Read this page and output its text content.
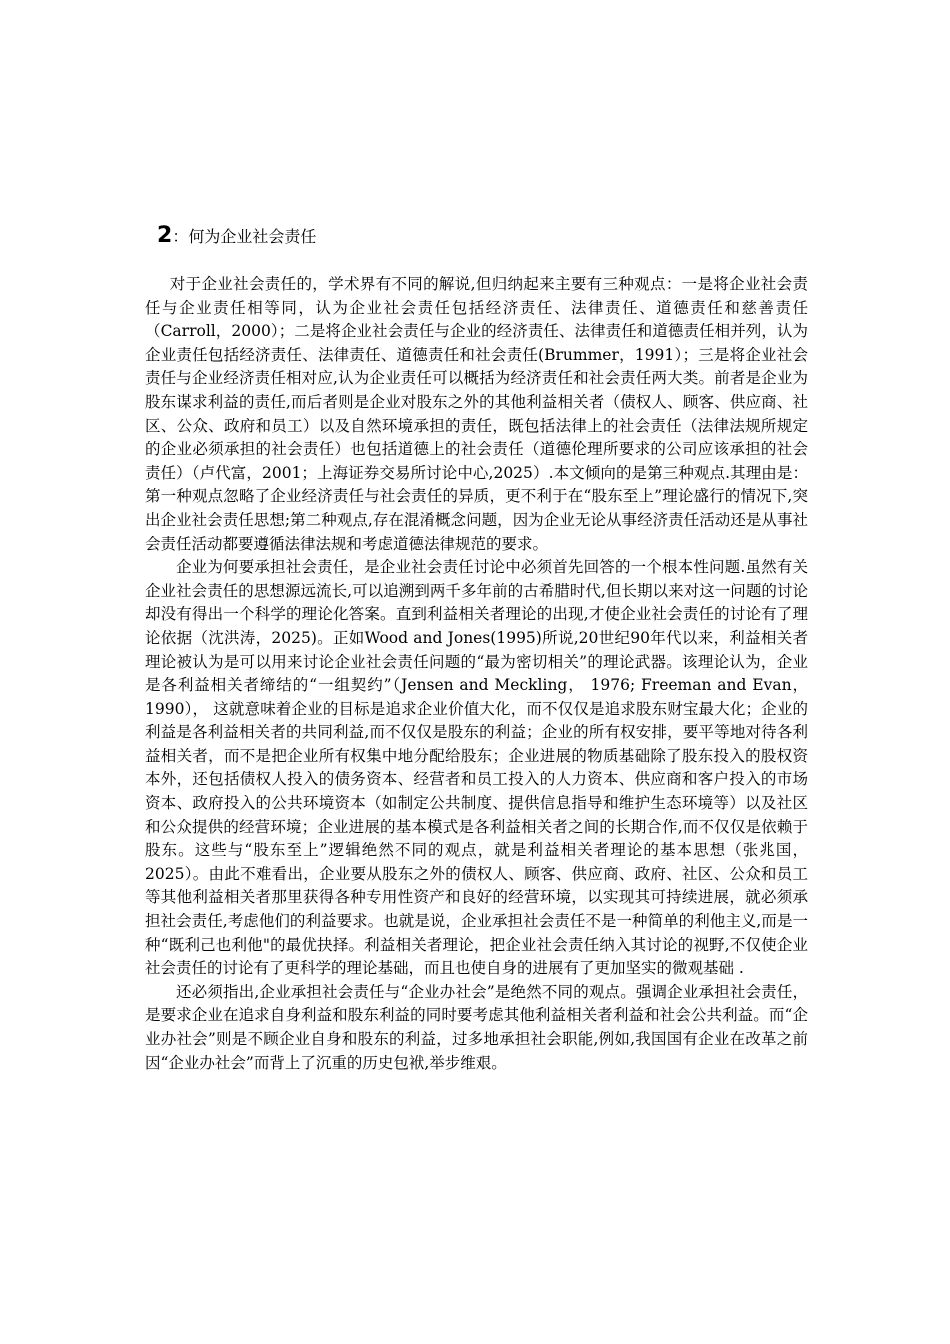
2：何为企业社会责任

对于企业社会责任的，学术界有不同的解说,但归纳起来主要有三种观点：一是将企业社会责任与企业责任相等同，认为企业社会责任包括经济责任、法律责任、道德责任和慈善责任（Carroll，2000）；二是将企业社会责任与企业的经济责任、法律责任和道德责任相并列，认为企业责任包括经济责任、法律责任、道德责任和社会责任(Brummer，1991）；三是将企业社会责任与企业经济责任相对应,认为企业责任可以概括为经济责任和社会责任两大类。前者是企业为股东谋求利益的责任,而后者则是企业对股东之外的其他利益相关者（债权人、顾客、供应商、社区、公众、政府和员工）以及自然环境承担的责任，既包括法律上的社会责任（法律法规所规定的企业必须承担的社会责任）也包括道德上的社会责任（道德伦理所要求的公司应该承担的社会责任）（卢代富，2001；上海证券交易所讨论中心,2025）.本文倾向的是第三种观点.其理由是：第一种观点忽略了企业经济责任与社会责任的异质，更不利于在“股东至上”理论盛行的情况下,突出企业社会责任思想;第二种观点,存在混淆概念问题，因为企业无论从事经济责任活动还是从事社会责任活动都要遵循法律法规和考虑道德法律规范的要求。

企业为何要承担社会责任，是企业社会责任讨论中必须首先回答的一个根本性问题.虽然有关企业社会责任的思想源远流长,可以追溯到两千多年前的古希腊时代,但长期以来对这一问题的讨论却没有得出一个科学的理论化答案。直到利益相关者理论的出现,才使企业社会责任的讨论有了理论依据（沈洪涛，2025)。正如Wood and Jones(1995)所说,20世纪90年代以来，利益相关者理论被认为是可以用来讨论企业社会责任问题的“最为密切相关”的理论武器。该理论认为，企业是各利益相关者缔结的“一组契约”（Jensen and Meckling， 1976; Freeman and Evan， 1990）， 这就意味着企业的目标是追求企业价值大化，而不仅仅是追求股东财宝最大化；企业的利益是各利益相关者的共同利益,而不仅仅是股东的利益；企业的所有权安排，要平等地对待各利益相关者，而不是把企业所有权集中地分配给股东；企业进展的物质基础除了股东投入的股权资本外，还包括债权人投入的债务资本、经营者和员工投入的人力资本、供应商和客户投入的市场资本、政府投入的公共环境资本（如制定公共制度、提供信息指导和维护生态环境等）以及社区和公众提供的经营环境；企业进展的基本模式是各利益相关者之间的长期合作,而不仅仅是依赖于股东。这些与“股东至上”逻辑绝然不同的观点，就是利益相关者理论的基本思想（张兆国，2025）。由此不难看出，企业要从股东之外的债权人、顾客、供应商、政府、社区、公众和员工等其他利益相关者那里获得各种专用性资产和良好的经营环境，以实现其可持续进展，就必须承担社会责任,考虑他们的利益要求。也就是说，企业承担社会责任不是一种简单的利他主义,而是一种“既利己也利他"的最优抉择。利益相关者理论，把企业社会责任纳入其讨论的视野,不仅使企业社会责任的讨论有了更科学的理论基础，而且也使自身的进展有了更加坚实的微观基础 .

还必须指出,企业承担社会责任与“企业办社会”是绝然不同的观点。强调企业承担社会责任，是要求企业在追求自身利益和股东利益的同时要考虑其他利益相关者利益和社会公共利益。而“企业办社会”则是不顾企业自身和股东的利益，过多地承担社会职能,例如,我国国有企业在改革之前因“企业办社会”而背上了沉重的历史包袱,举步维艰。
